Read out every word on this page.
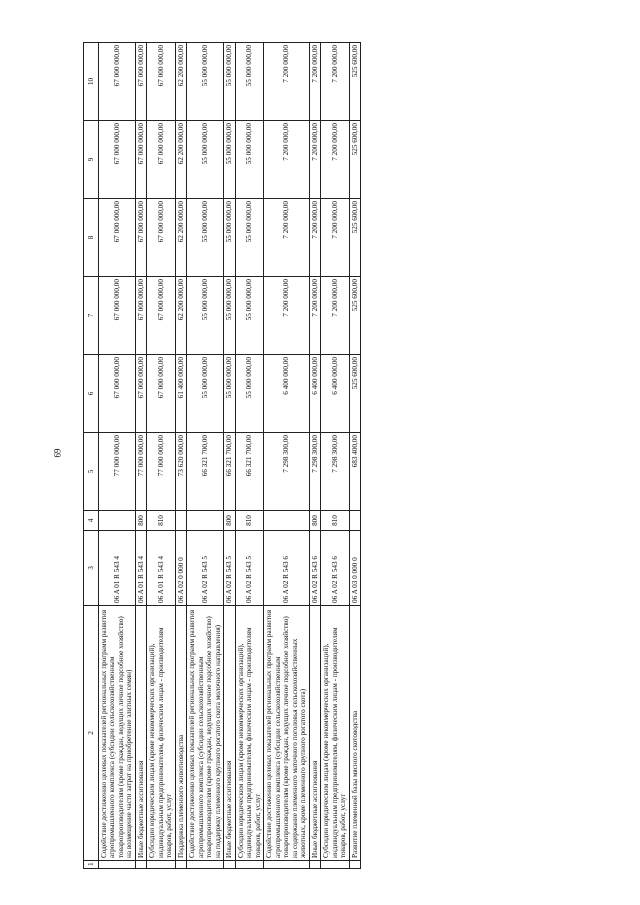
69
1	2	3	4	5	6	7	8	9	10
	Содействие достижению целевых показателей региональных программ развития агропромышленного комплекса (субсидии сельскохозяйственным товаропроизводителям (кроме граждан, ведущих личное подсобное хозяйство) на возмещение части затрат на приобретение элитных семян)	06 A 01 R 543 4		77 000 000,00	67 000 000,00	67 000 000,00	67 000 000,00	67 000 000,00	67 000 000,00
	Иные бюджетные ассигнования	06 A 01 R 543 4	800	77 000 000,00	67 000 000,00	67 000 000,00	67 000 000,00	67 000 000,00	67 000 000,00
	Субсидии юридическим лицам (кроме некоммерческих организаций), индивидуальным предпринимателям, физическим лицам - производителям товаров, работ, услуг	06 A 01 R 543 4	810	77 000 000,00	67 000 000,00	67 000 000,00	67 000 000,00	67 000 000,00	67 000 000,00
	Поддержка племенного животноводства	06 A 02 0 000 0		73 620 000,00	61 400 000,00	62 200 000,00	62 200 000,00	62 200 000,00	62 200 000,00
	Содействие достижению целевых показателей региональных программ развития агропромышленного комплекса (субсидии сельскохозяйственным товаропроизводителям (кроме граждан, ведущих личное подсобное хозяйство) на поддержку племенного крупного рогатого скота молочного направления)	06 A 02 R 543 5		66 321 700,00	55 000 000,00	55 000 000,00	55 000 000,00	55 000 000,00	55 000 000,00
	Иные бюджетные ассигнования	06 A 02 R 543 5	800	66 321 700,00	55 000 000,00	55 000 000,00	55 000 000,00	55 000 000,00	55 000 000,00
	Субсидии юридическим лицам (кроме некоммерческих организаций), индивидуальным предпринимателям, физическим лицам - производителям товаров, работ, услуг	06 A 02 R 543 5	810	66 321 700,00	55 000 000,00	55 000 000,00	55 000 000,00	55 000 000,00	55 000 000,00
	Содействие достижению целевых показателей региональных программ развития агропромышленного комплекса (субсидии сельскохозяйственным товаропроизводителям (кроме граждан, ведущих личное подсобное хозяйство) на содержание племенного маточного поголовья сельскохозяйственных животных, кроме племенного крупного рогатого скота)	06 A 02 R 543 6		7 298 300,00	6 400 000,00	7 200 000,00	7 200 000,00	7 200 000,00	7 200 000,00
	Иные бюджетные ассигнования	06 A 02 R 543 6	800	7 298 300,00	6 400 000,00	7 200 000,00	7 200 000,00	7 200 000,00	7 200 000,00
	Субсидии юридическим лицам (кроме некоммерческих организаций), индивидуальным предпринимателям, физическим лицам - производителям товаров, работ, услуг	06 A 02 R 543 6	810	7 298 300,00	6 400 000,00	7 200 000,00	7 200 000,00	7 200 000,00	7 200 000,00
	Развитие племенной базы мясного скотоводства	06 A 03 0 000 0		683 400,00	525 600,00	525 600,00	525 600,00	525 600,00	525 600,00
